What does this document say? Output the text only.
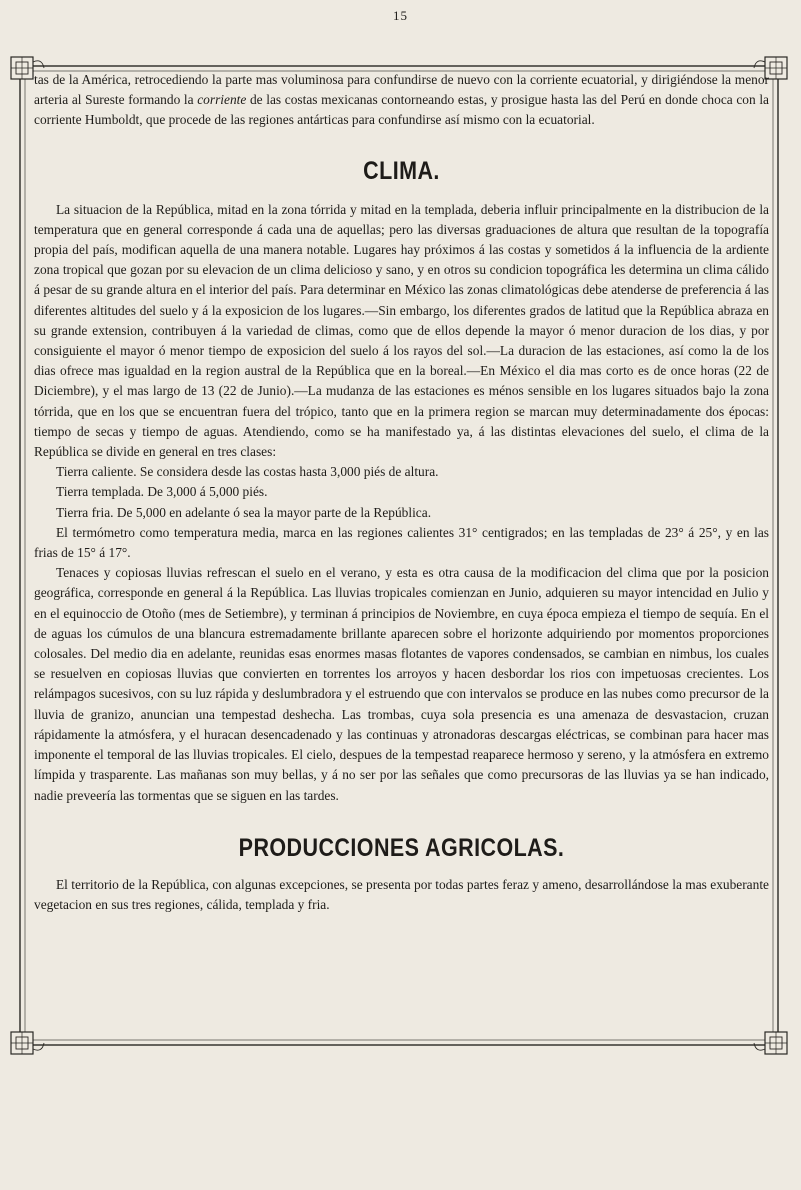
15

tas de la América, retrocediendo la parte mas voluminosa para confundirse de nuevo con la corriente ecuatorial, y dirigiéndose la menor arteria al Sureste formando la corriente de las costas mexicanas contorneando estas, y prosigue hasta las del Perú en donde choca con la corriente Humboldt, que procede de las regiones antárticas para confundirse así mismo con la ecuatorial.

CLIMA.

La situacion de la República, mitad en la zona tórrida y mitad en la templada, deberia influir principalmente en la distribucion de la temperatura que en general corresponde á cada una de aquellas; pero las diversas graduaciones de altura que resultan de la topografía propia del país, modifican aquella de una manera notable. Lugares hay próximos á las costas y sometidos á la influencia de la ardiente zona tropical que gozan por su elevacion de un clima delicioso y sano, y en otros su condicion topográfica les determina un clima cálido á pesar de su grande altura en el interior del país. Para determinar en México las zonas climatológicas debe atenderse de preferencia á las diferentes altitudes del suelo y á la exposicion de los lugares.—Sin embargo, los diferentes grados de latitud que la República abraza en su grande extension, contribuyen á la variedad de climas, como que de ellos depende la mayor ó menor duracion de los dias, y por consiguiente el mayor ó menor tiempo de exposicion del suelo á los rayos del sol.—La duracion de las estaciones, así como la de los dias ofrece mas igualdad en la region austral de la República que en la boreal.—En México el dia mas corto es de once horas (22 de Diciembre), y el mas largo de 13 (22 de Junio).—La mudanza de las estaciones es ménos sensible en los lugares situados bajo la zona tórrida, que en los que se encuentran fuera del trópico, tanto que en la primera region se marcan muy determinadamente dos épocas: tiempo de secas y tiempo de aguas. Atendiendo, como se ha manifestado ya, á las distintas elevaciones del suelo, el clima de la República se divide en general en tres clases:

Tierra caliente. Se considera desde las costas hasta 3,000 piés de altura.

Tierra templada. De 3,000 á 5,000 piés.

Tierra fria. De 5,000 en adelante ó sea la mayor parte de la República.

El termómetro como temperatura media, marca en las regiones calientes 31° centigrados; en las templadas de 23° á 25°, y en las frias de 15° á 17°.

Tenaces y copiosas lluvias refrescan el suelo en el verano, y esta es otra causa de la modificacion del clima que por la posicion geográfica, corresponde en general á la República. Las lluvias tropicales comienzan en Junio, adquieren su mayor intencidad en Julio y en el equinoccio de Otoño (mes de Setiembre), y terminan á principios de Noviembre, en cuya época empieza el tiempo de sequía. En el de aguas los cúmulos de una blancura estremadamente brillante aparecen sobre el horizonte adquiriendo por momentos proporciones colosales. Del medio dia en adelante, reunidas esas enormes masas flotantes de vapores condensados, se cambian en nimbus, los cuales se resuelven en copiosas lluvias que convierten en torrentes los arroyos y hacen desbordar los rios con impetuosas crecientes. Los relámpagos sucesivos, con su luz rápida y deslumbradora y el estruendo que con intervalos se produce en las nubes como precursor de la lluvia de granizo, anuncian una tempestad deshecha. Las trombas, cuya sola presencia es una amenaza de desvastacion, cruzan rápidamente la atmósfera, y el huracan desencadenado y las continuas y atronadoras descargas eléctricas, se combinan para hacer mas imponente el temporal de las lluvias tropicales. El cielo, despues de la tempestad reaparece hermoso y sereno, y la atmósfera en extremo límpida y trasparente. Las mañanas son muy bellas, y á no ser por las señales que como precursoras de las lluvias ya se han indicado, nadie preveería las tormentas que se siguen en las tardes.

PRODUCCIONES AGRICOLAS.

El territorio de la República, con algunas excepciones, se presenta por todas partes feraz y ameno, desarrollándose la mas exuberante vegetacion en sus tres regiones, cálida, templada y fria.
